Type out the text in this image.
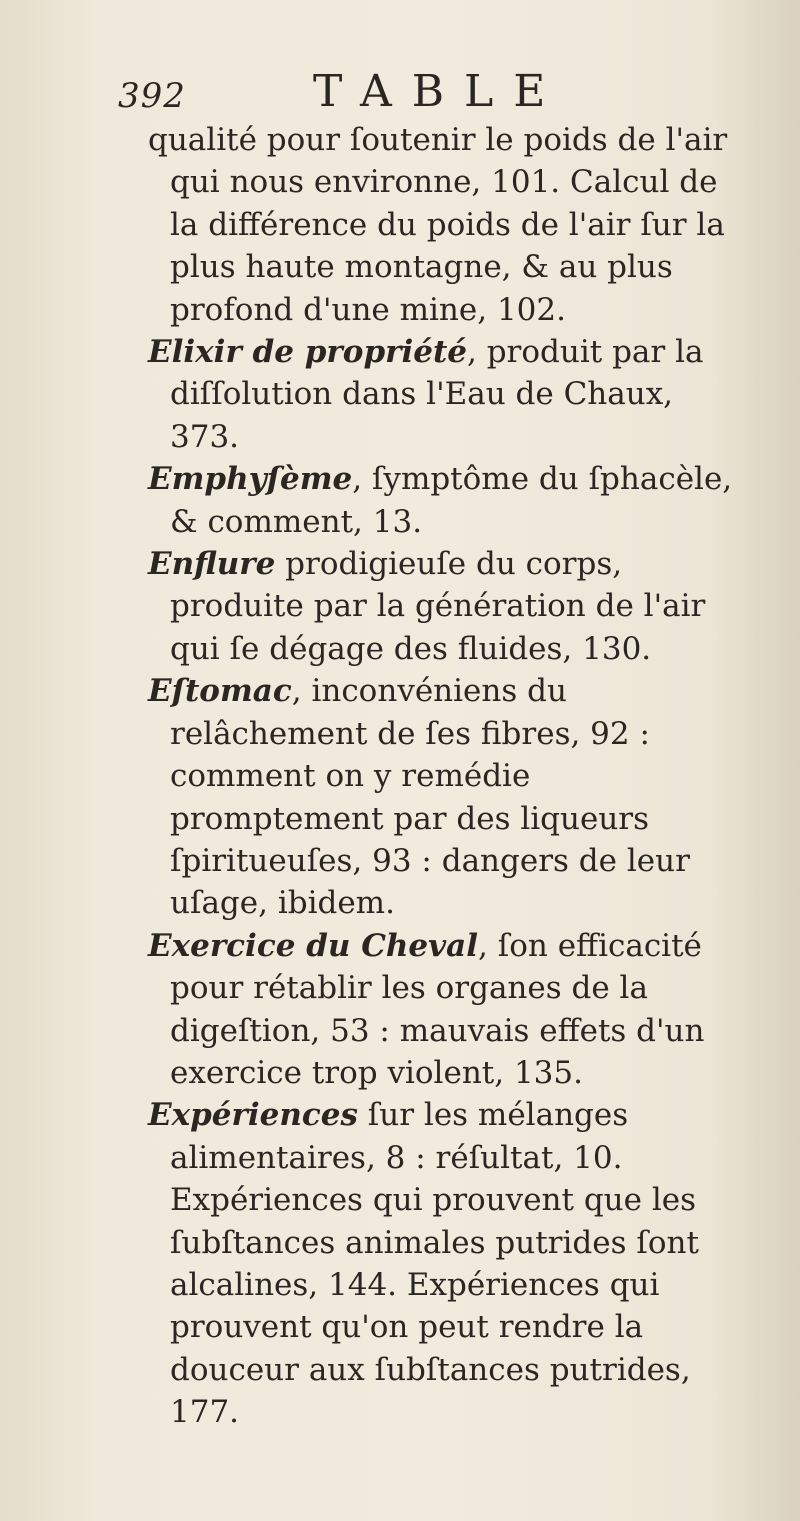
392	TABLE

qualité pour ſoutenir le poids de l'air qui nous environne, 101. Calcul de la différence du poids de l'air ſur la plus haute montagne, & au plus profond d'une mine, 102.

Elixir de propriété, produit par la diſſolution dans l'Eau de Chaux, 373.

Emphyſème, ſymptôme du ſphacèle, & comment, 13.

Enflure prodigieuſe du corps, produite par la génération de l'air qui ſe dégage des fluides, 130.

Eſtomac, inconvéniens du relâchement de ſes fibres, 92 : comment on y remédie promptement par des liqueurs ſpiritueuſes, 93 : dangers de leur uſage, ibidem.

Exercice du Cheval, ſon efficacité pour rétablir les organes de la digeſtion, 53 : mauvais effets d'un exercice trop violent, 135.

Expériences ſur les mélanges alimentaires, 8 : réſultat, 10. Expériences qui prouvent que les ſubſtances animales putrides ſont alcalines, 144. Expériences qui prouvent qu'on peut rendre la douceur aux ſubſtances putrides, 177.
